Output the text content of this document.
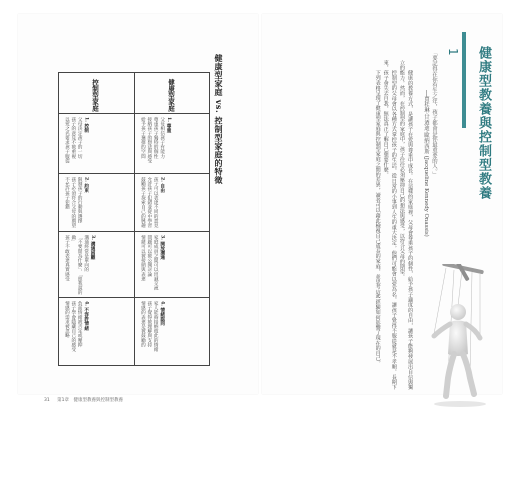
健康型家庭 vs. 控制型家庭的特徵
健康型家庭
控制型家庭
1. 尊重
父母相信孩子有能力
尊重孩子獨特的個性
接納孩子的想法與感受
給予孩子選擇的空間
2. 自由
孩子可以表達不同的意見
允許孩子犯錯並從中學習
鼓勵孩子探索自己的興趣
3. 開放溝通
家庭成員之間可以坦誠交流
問題可以被公開討論
情緒可以被接納與表達
4. 情緒認同
家人能夠接納彼此的情緒
孩子覺得被理解與支持
情感的表達是被鼓勵的
1. 控制
父母決定孩子的一切
孩子的意見不被重視
以愛之名要求孩子服從
2. 約束
限制孩子的行動與選擇
孩子必須符合父母的期望
不允許孩子犯錯
3. 溝通困難
溝通經常是單向的
「不要問為什麼」、「照我說的做」
孩子不敢表達真實感受
4. 不容許情緒
負面情緒被否定或壓抑
孩子學會隱藏自己的感受
情感的需求被忽略
31 第1章　健康型教養與控制型教養
1 健康型教養與控制型教養
「要記得在你有生之年，孩子都會是你最重要的人。」
──賈桂琳‧甘迺迪‧歐納西斯 (Jacqueline Kennedy Onassis)

健康的教養方式，是讓孩子在愛與尊重中成長。在這樣的家庭裡，父母會尊重孩子的個性，給予孩子適度的自由，讓孩子能夠發展出自信與獨立的能力。然而，在控制型的家庭中，孩子往往必須壓抑自己的想法與感受，以符合父母的期望。

控制型的父母會以各種方式掌控孩子的生活，從日常的小事到人生的重大決定。他們可能會以愛為名，讓孩子覺得不服從就是不孝順。長期下來，孩子會失去自我，無法真正了解自己想要什麼。

下列表格呈現了健康型家庭與控制型家庭之間的差異，讀者可以藉此檢視自己成長的家庭，並思考這些經驗如何影響了現在的自己。
